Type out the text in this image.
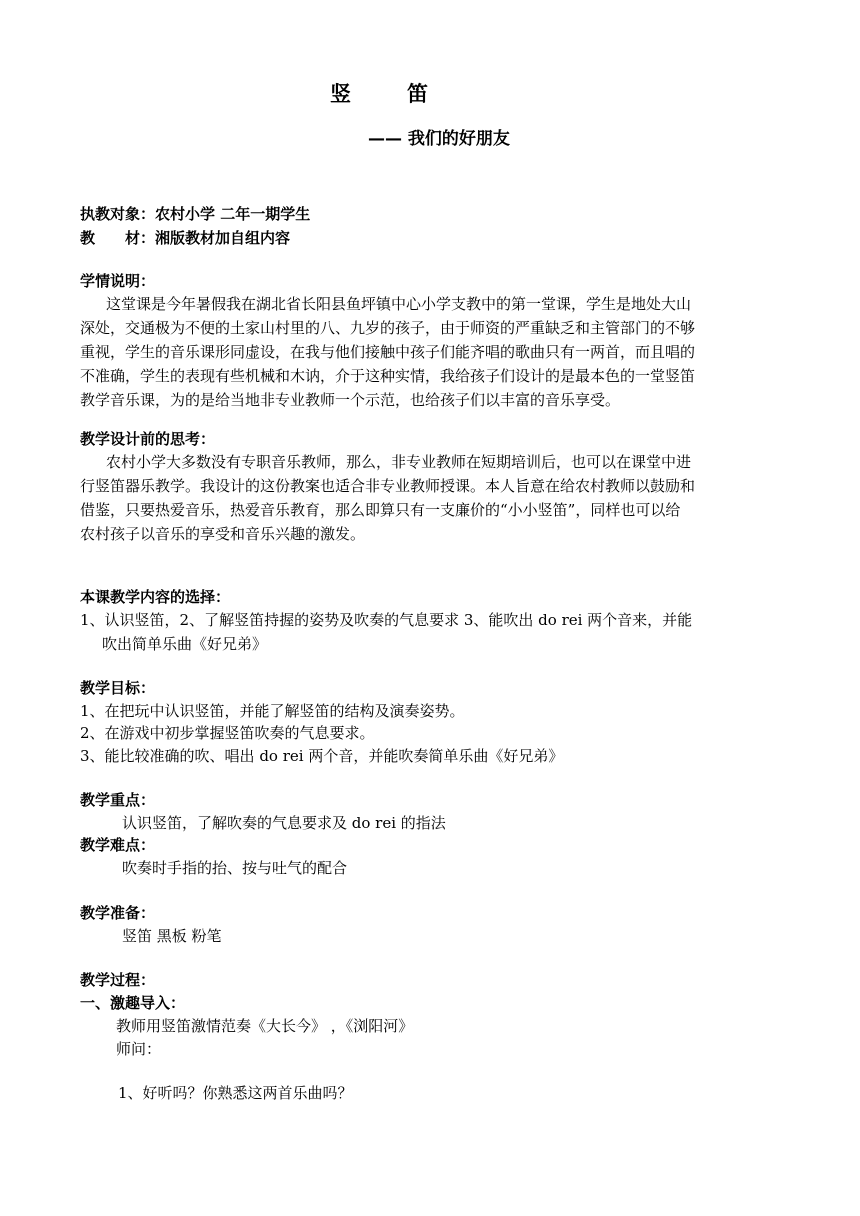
竖	笛
—— 我们的好朋友
执教对象：农村小学 二年一期学生
教　　材：湘版教材加自组内容
学情说明：
这堂课是今年暑假我在湖北省长阳县鱼坪镇中心小学支教中的第一堂课，学生是地处大山
深处，交通极为不便的土家山村里的八、九岁的孩子，由于师资的严重缺乏和主管部门的不够
重视，学生的音乐课形同虚设，在我与他们接触中孩子们能齐唱的歌曲只有一两首，而且唱的
不准确，学生的表现有些机械和木讷，介于这种实情，我给孩子们设计的是最本色的一堂竖笛
教学音乐课，为的是给当地非专业教师一个示范，也给孩子们以丰富的音乐享受。
教学设计前的思考：
农村小学大多数没有专职音乐教师，那么，非专业教师在短期培训后，也可以在课堂中进
行竖笛器乐教学。我设计的这份教案也适合非专业教师授课。本人旨意在给农村教师以鼓励和
借鉴，只要热爱音乐，热爱音乐教育，那么即算只有一支廉价的“小小竖笛”，同样也可以给
农村孩子以音乐的享受和音乐兴趣的激发。
本课教学内容的选择：
1、认识竖笛，2、了解竖笛持握的姿势及吹奏的气息要求 3、能吹出 do rei 两个音来，并能
吹出简单乐曲《好兄弟》
教学目标：
1、在把玩中认识竖笛，并能了解竖笛的结构及演奏姿势。
2、在游戏中初步掌握竖笛吹奏的气息要求。
3、能比较准确的吹、唱出 do rei 两个音，并能吹奏简单乐曲《好兄弟》
教学重点：
认识竖笛，了解吹奏的气息要求及 do rei 的指法
教学难点：
吹奏时手指的抬、按与吐气的配合
教学准备：
竖笛 黑板 粉笔
教学过程：
一、激趣导入：
教师用竖笛激情范奏《大长今》 ，《浏阳河》
师问：
1、好听吗？你熟悉这两首乐曲吗？
